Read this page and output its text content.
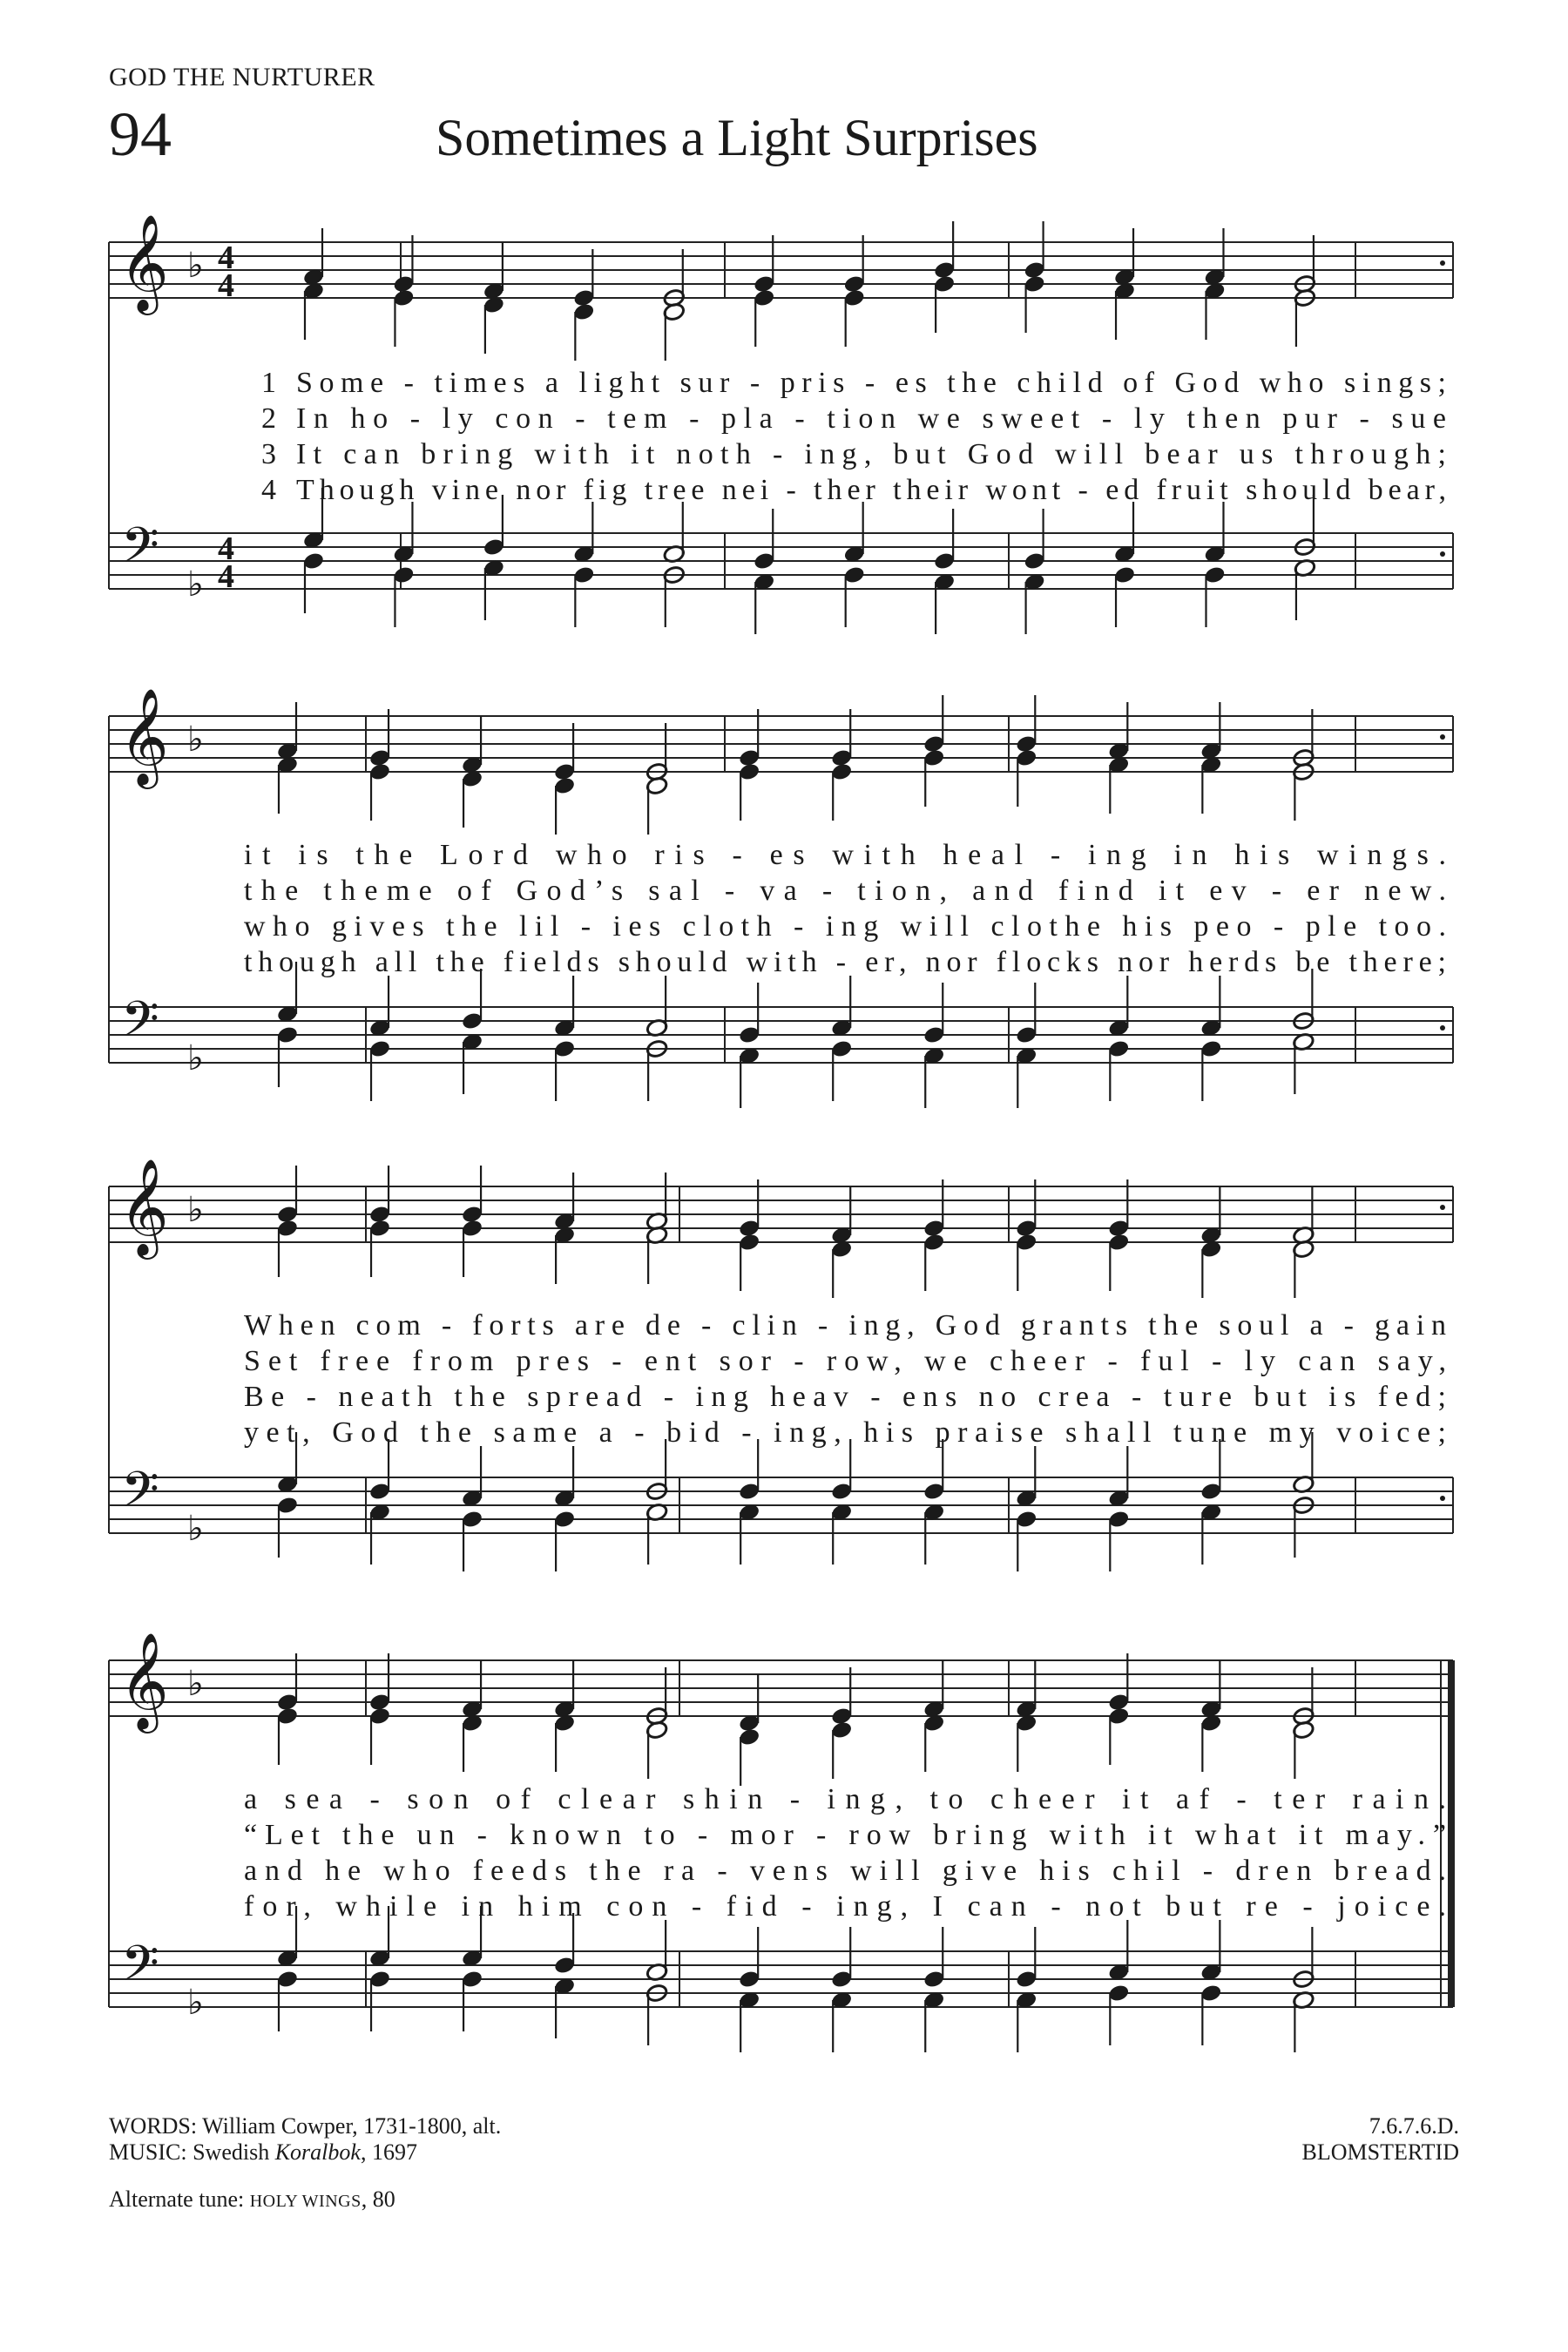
GOD THE NURTURER
94	Sometimes a Light Surprises
𝄞
𝄢
♭
♭
4
4
4
4
1 Some - times a light sur - pris - es the child of God who sings;
2 In ho - ly con - tem - pla - tion we sweet - ly then pur - sue
3 It can bring with it noth - ing, but God will bear us through;
4 Though vine nor fig tree nei - ther their wont - ed fruit should bear,
𝄞
𝄢
♭
♭
it is the Lord who ris - es with heal - ing in his wings.
the theme of God’s sal - va - tion, and find it ev - er new.
who gives the lil - ies cloth - ing will clothe his peo - ple too.
though all the fields should with - er, nor flocks nor herds be there;
𝄞
𝄢
♭
♭
When com - forts are de - clin - ing, God grants the soul a - gain
Set free from pres - ent sor - row, we cheer - ful - ly can say,
Be - neath the spread - ing heav - ens no crea - ture but is fed;
yet, God the same a - bid - ing, his praise shall tune my voice;
𝄞
𝄢
♭
♭
a sea - son of clear shin - ing, to cheer it af - ter rain.
“Let the un - known to - mor - row bring with it what it may.”
and he who feeds the ra - vens will give his chil - dren bread.
for, while in him con - fid - ing, I can - not but re - joice.
WORDS: William Cowper, 1731-1800, alt.
MUSIC: Swedish Koralbok, 1697
7.6.7.6.D.
BLOMSTERTID
Alternate tune: HOLY WINGS, 80
